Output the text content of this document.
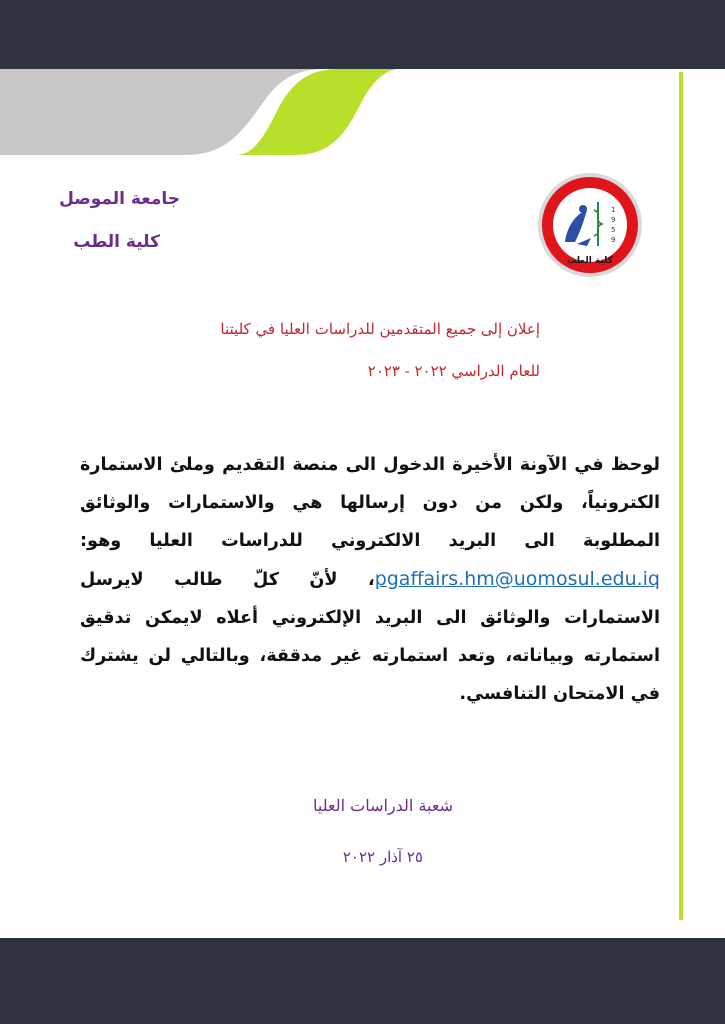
جامعة الموصل
كلية الطب
1
9
5
9
كلية الطب
إعلان إلى جميع المتقدمين للدراسات العليا في كليتنا
للعام الدراسي ٢٠٢٢ - ٢٠٢٣
لوحظ في الآونة الأخيرة الدخول الى منصة التقديم وملئ الاستمارة الكترونياً، ولكن من دون إرسالها هي والاستمارات والوثائق المطلوبة الى البريد الالكتروني للدراسات العليا وهو: pgaffairs.hm@uomosul.edu.iq، لأنّ كلّ طالب لايرسل الاستمارات والوثائق الى البريد الإلكتروني أعلاه لايمكن تدقيق استمارته وبياناته، وتعد استمارته غير مدققة، وبالتالي لن يشترك في الامتحان التنافسي.
شعبة الدراسات العليا
٢٥ آذار ٢٠٢٢
